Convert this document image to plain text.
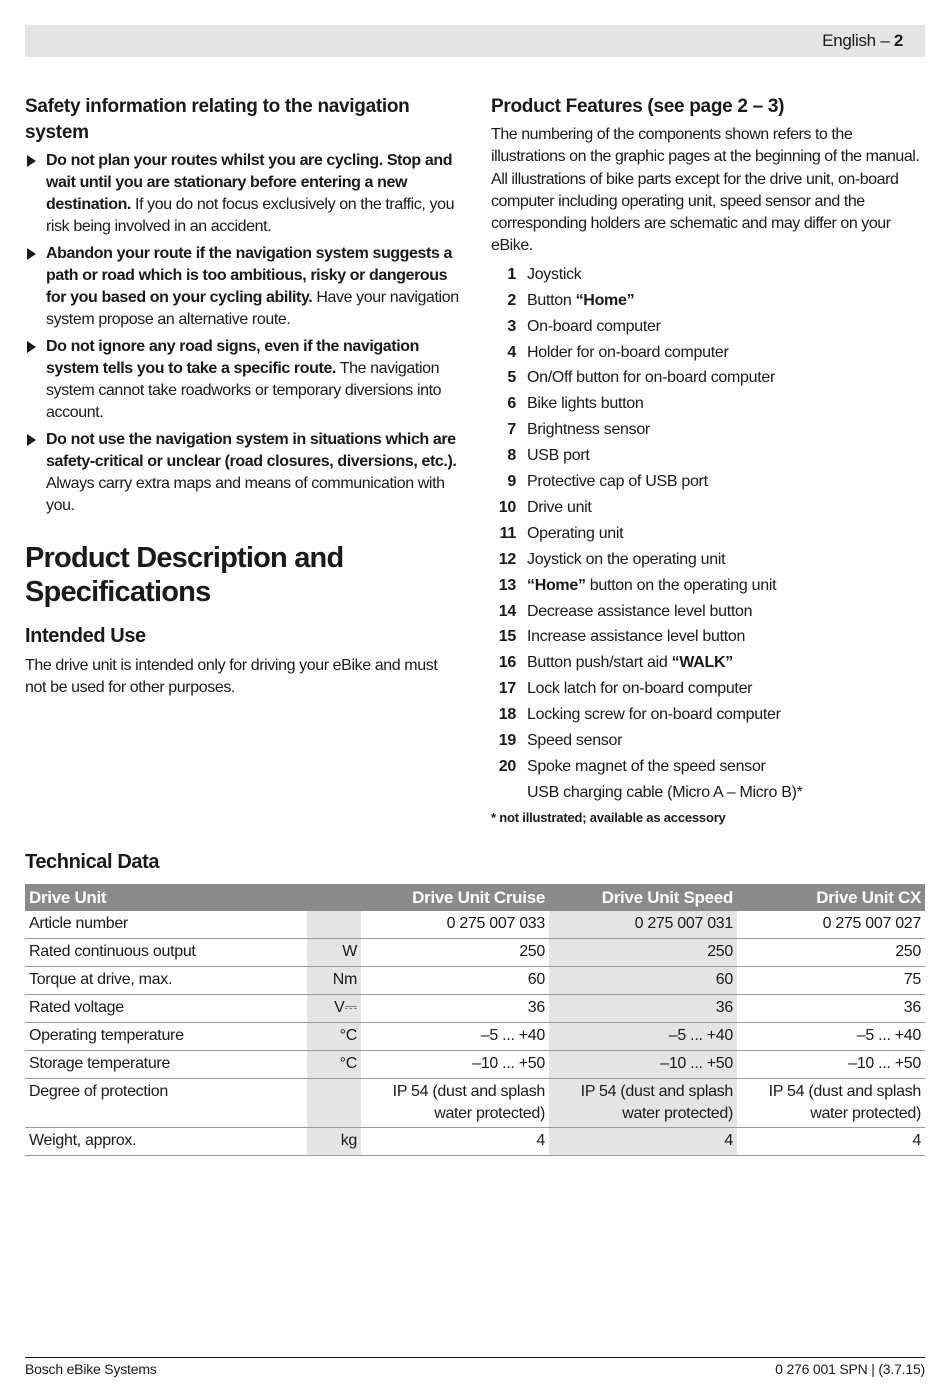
English – 2
Safety information relating to the navigation system
Do not plan your routes whilst you are cycling. Stop and wait until you are stationary before entering a new destination. If you do not focus exclusively on the traffic, you risk being involved in an accident.
Abandon your route if the navigation system suggests a path or road which is too ambitious, risky or dangerous for you based on your cycling ability. Have your navigation system propose an alternative route.
Do not ignore any road signs, even if the navigation system tells you to take a specific route. The navigation system cannot take roadworks or temporary diversions into account.
Do not use the navigation system in situations which are safety-critical or unclear (road closures, diversions, etc.). Always carry extra maps and means of communication with you.
Product Description and Specifications
Intended Use

The drive unit is intended only for driving your eBike and must not be used for other purposes.

Product Features (see page 2 – 3)

The numbering of the components shown refers to the illustrations on the graphic pages at the beginning of the manual. All illustrations of bike parts except for the drive unit, on-board computer including operating unit, speed sensor and the corresponding holders are schematic and may differ on your eBike.

1 Joystick
2 Button “Home”
3 On-board computer
4 Holder for on-board computer
5 On/Off button for on-board computer
6 Bike lights button
7 Brightness sensor
8 USB port
9 Protective cap of USB port
10 Drive unit
11 Operating unit
12 Joystick on the operating unit
13 “Home” button on the operating unit
14 Decrease assistance level button
15 Increase assistance level button
16 Button push/start aid “WALK”
17 Lock latch for on-board computer
18 Locking screw for on-board computer
19 Speed sensor
20 Spoke magnet of the speed sensor
USB charging cable (Micro A – Micro B)*
* not illustrated; available as accessory
Technical Data
Drive Unit		Drive Unit Cruise	Drive Unit Speed	Drive Unit CX
Article number		0 275 007 033	0 275 007 031	0 275 007 027
Rated continuous output	W	250	250	250
Torque at drive, max.	Nm	60	60	75
Rated voltage	V⎓	36	36	36
Operating temperature	°C	–5 ... +40	–5 ... +40	–5 ... +40
Storage temperature	°C	–10 ... +50	–10 ... +50	–10 ... +50
Degree of protection		IP 54 (dust and splash water protected)	IP 54 (dust and splash water protected)	IP 54 (dust and splash water protected)
Weight, approx.	kg	4	4	4
Bosch eBike Systems	0 276 001 SPN | (3.7.15)
